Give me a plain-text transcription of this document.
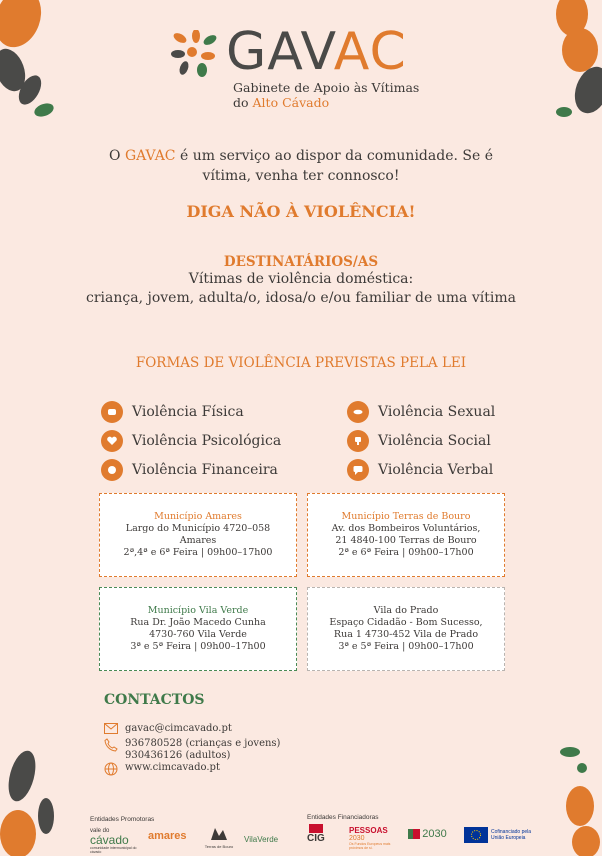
GAVAC
Gabinete de Apoio às Vítimas
do Alto Cávado
O GAVAC é um serviço ao dispor da comunidade. Se é
vítima, venha ter connosco!
DIGA NÃO À VIOLÊNCIA!
DESTINATÁRIOS/AS
Vítimas de violência doméstica:
criança, jovem, adulta/o, idosa/o e/ou familiar de uma vítima
FORMAS DE VIOLÊNCIA PREVISTAS PELA LEI
Violência Física
Violência Psicológica
Violência Financeira
Violência Sexual
Violência Social
Violência Verbal
Município Amares
Largo do Município 4720–058
Amares
2ª,4ª e 6ª Feira | 09h00–17h00
Município Terras de Bouro
Av. dos Bombeiros Voluntários,
21 4840-100 Terras de Bouro
2ª e 6ª Feira | 09h00–17h00
Município Vila Verde
Rua Dr. João Macedo Cunha
4730-760 Vila Verde
3ª e 5ª Feira | 09h00–17h00
Vila do Prado
Espaço Cidadão - Bom Sucesso,
Rua 1 4730-452 Vila de Prado
3ª e 5ª Feira | 09h00–17h00
CONTACTOS
gavac@cimcavado.pt
936780528 (crianças e jovens)
930436126 (adultos)
www.cimcavado.pt
Entidades Promotoras	Entidades Financiadoras
vale do
cávado
comunidade intermunicipal do cávado
amares
Terras de Bouro
VilaVerde	CIG
PESSOAS
2030
Os Fundos Europeus mais próximos de si.
2030	Cofinanciado pela
União Europeia
